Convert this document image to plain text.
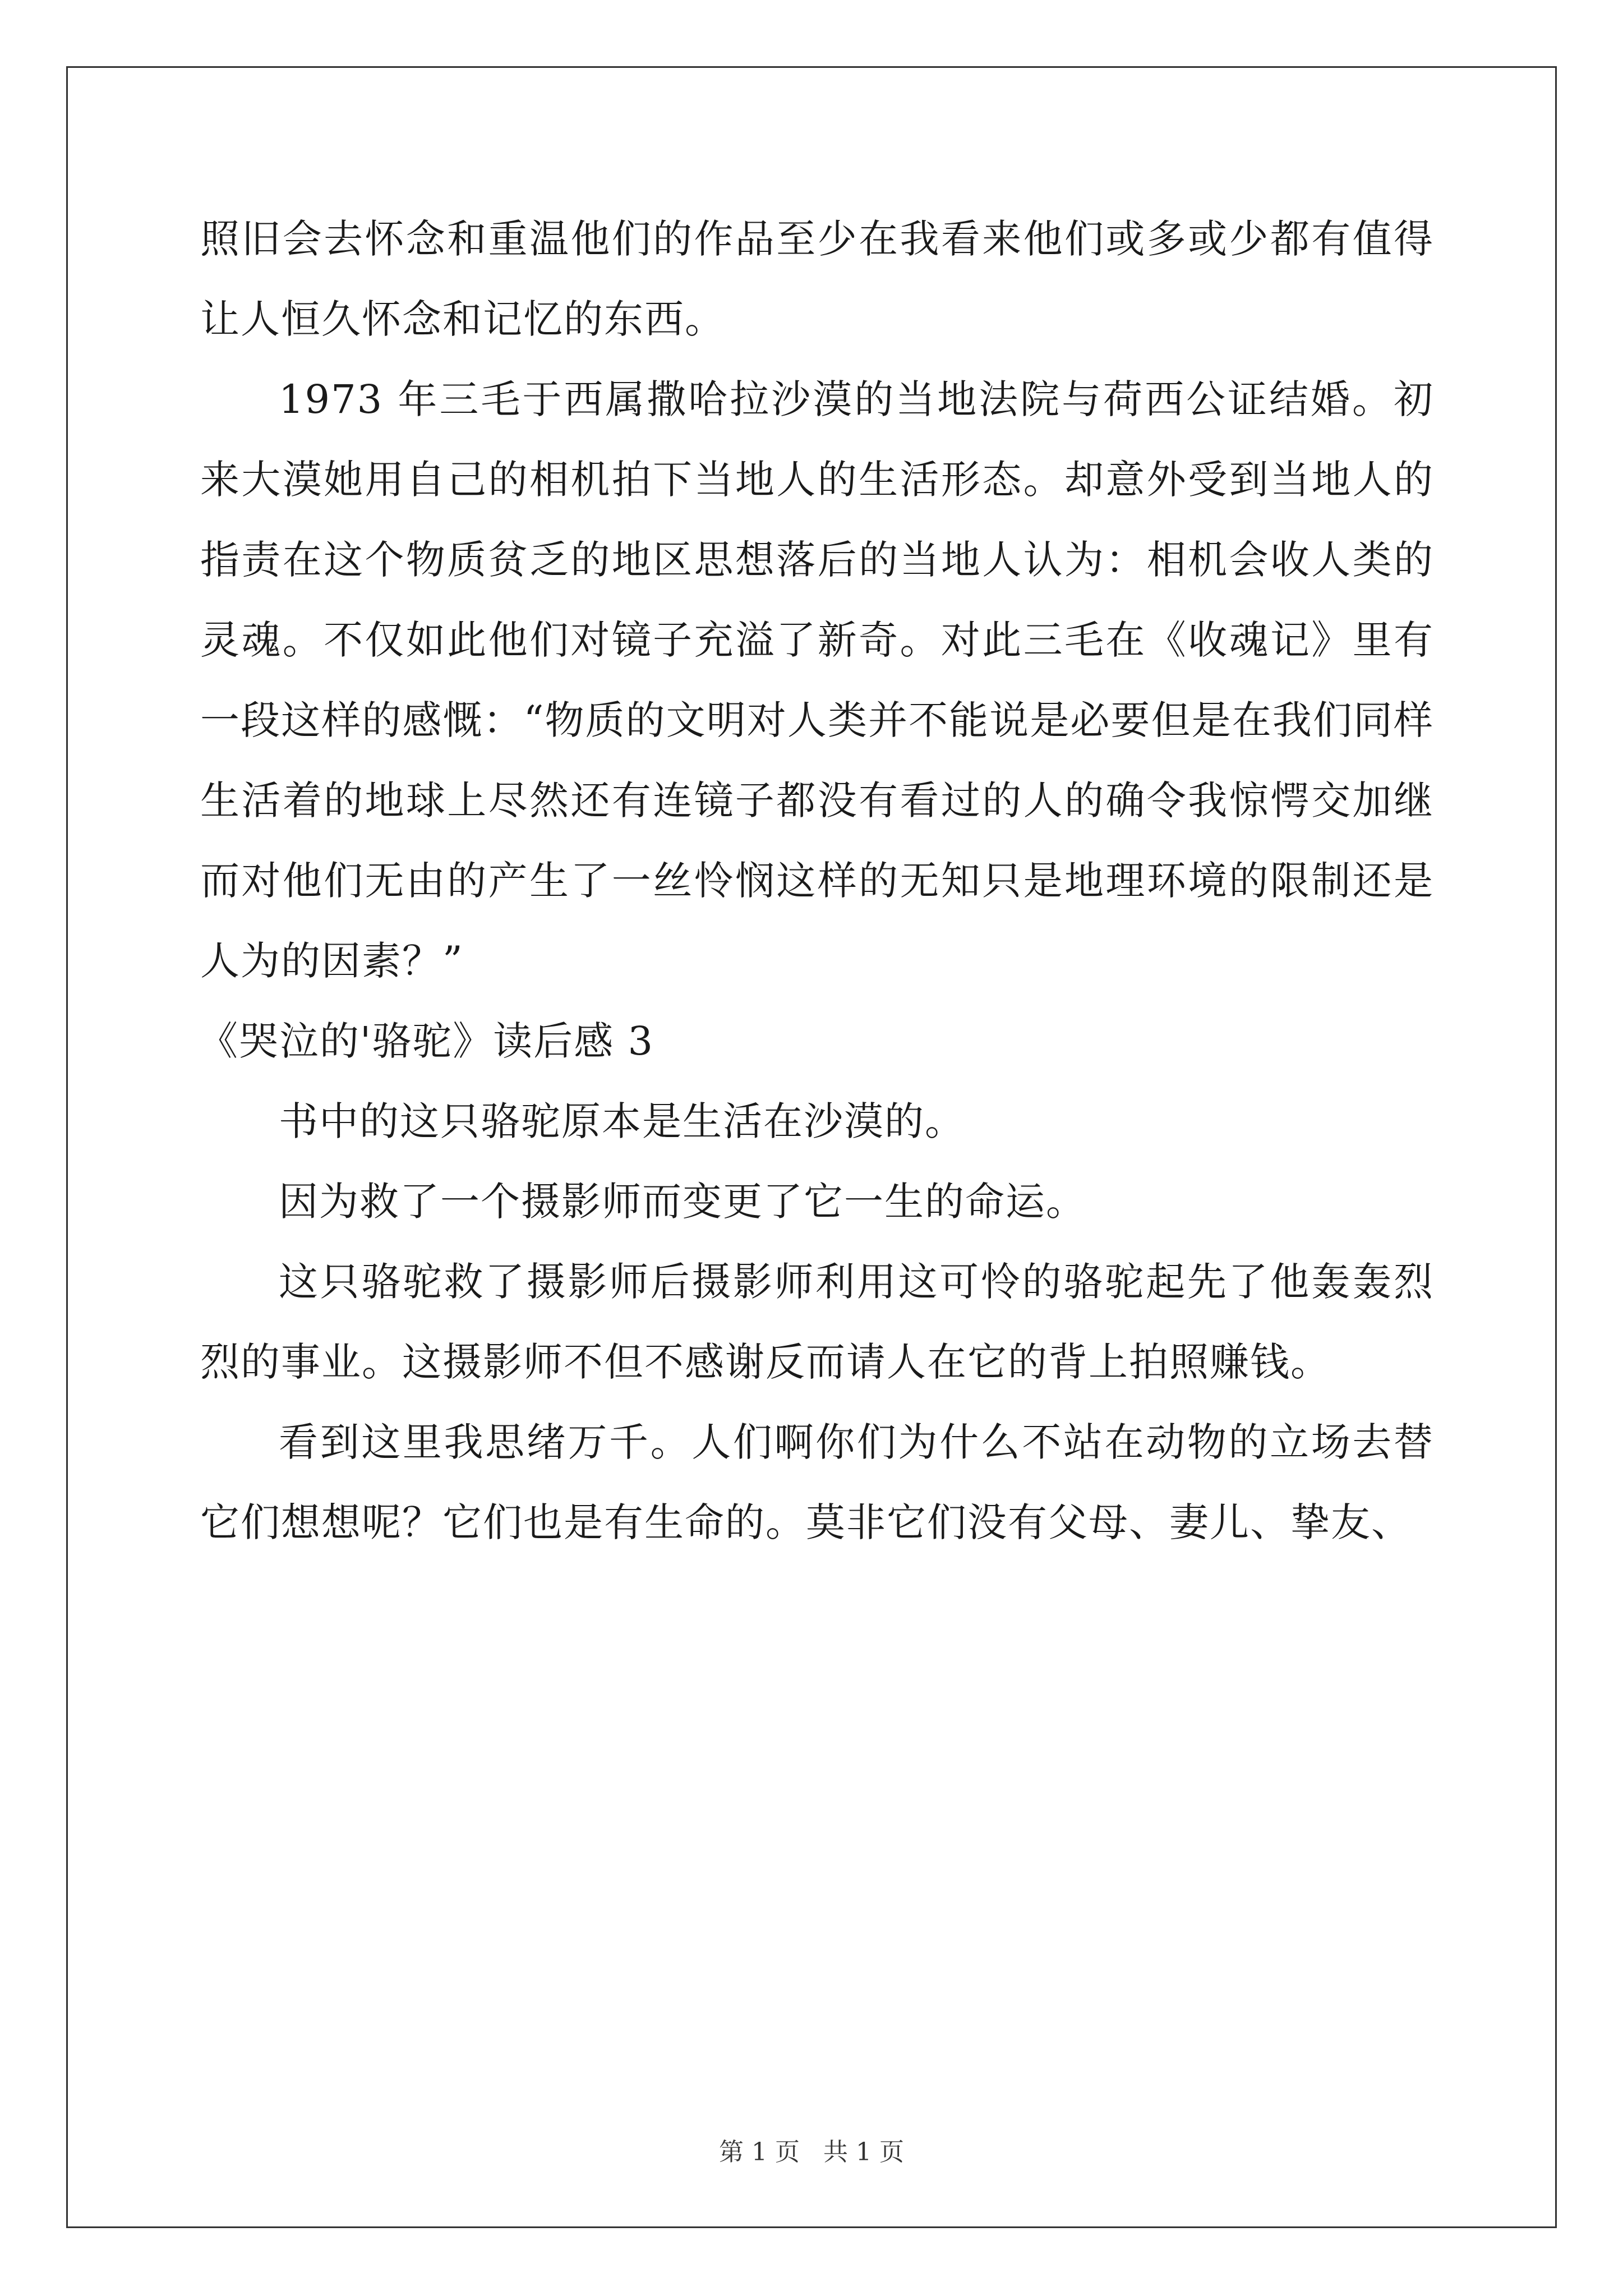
照旧会去怀念和重温他们的作品至少在我看来他们或多或少都有值得让人恒久怀念和记忆的东西。

1973 年三毛于西属撒哈拉沙漠的当地法院与荷西公证结婚。初来大漠她用自己的相机拍下当地人的生活形态。却意外受到当地人的指责在这个物质贫乏的地区思想落后的当地人认为：相机会收人类的灵魂。不仅如此他们对镜子充溢了新奇。对此三毛在《收魂记》里有一段这样的感慨：“物质的文明对人类并不能说是必要但是在我们同样生活着的地球上尽然还有连镜子都没有看过的人的确令我惊愕交加继而对他们无由的产生了一丝怜悯这样的无知只是地理环境的限制还是人为的因素？”

《哭泣的'骆驼》读后感 3

书中的这只骆驼原本是生活在沙漠的。

因为救了一个摄影师而变更了它一生的命运。

这只骆驼救了摄影师后摄影师利用这可怜的骆驼起先了他轰轰烈烈的事业。这摄影师不但不感谢反而请人在它的背上拍照赚钱。

看到这里我思绪万千。人们啊你们为什么不站在动物的立场去替它们想想呢？它们也是有生命的。莫非它们没有父母、妻儿、挚友、

第 1 页   共 1 页
